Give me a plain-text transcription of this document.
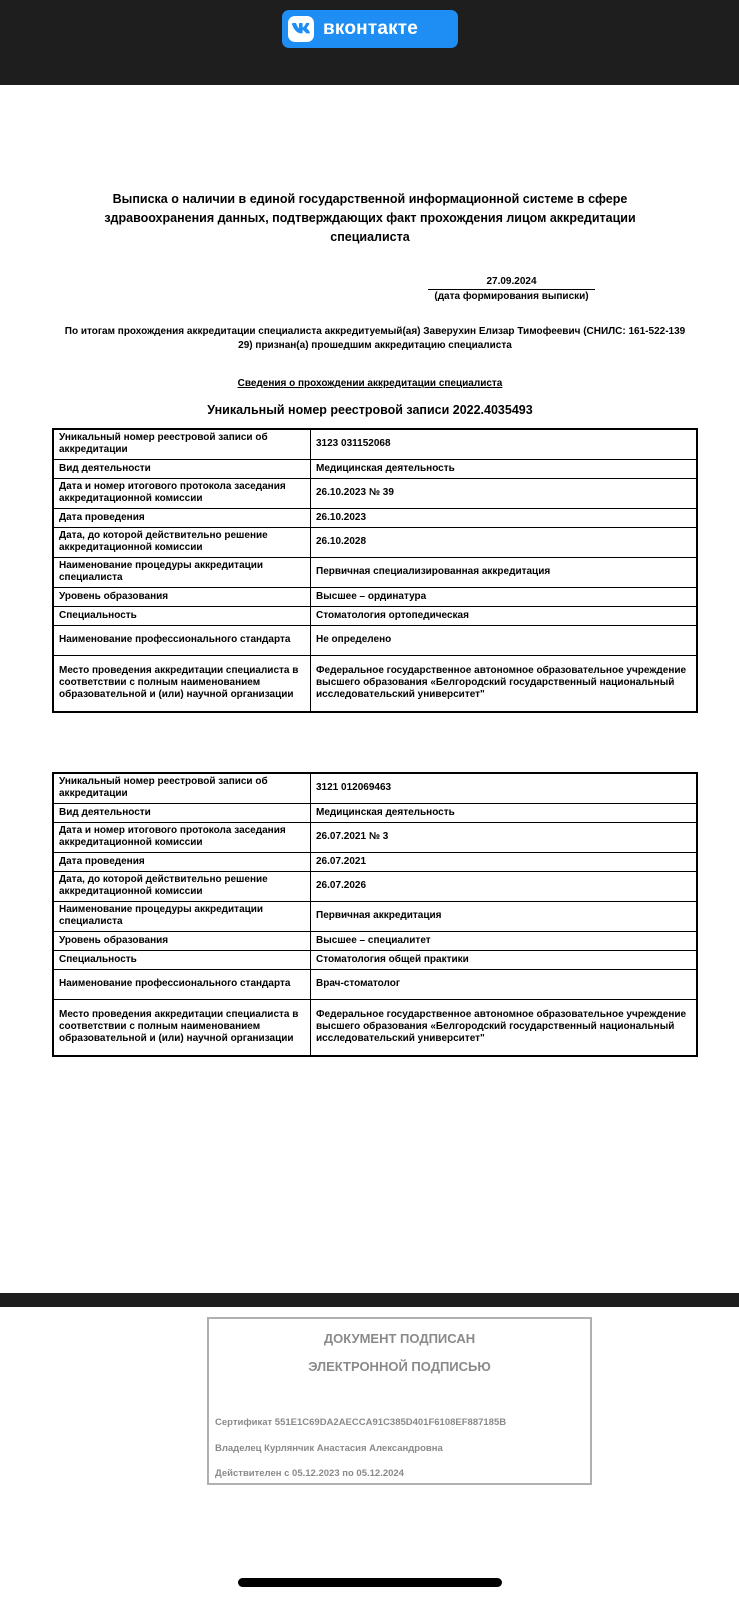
вконтакте
Выписка о наличии в единой государственной информационной системе в сфере здравоохранения данных, подтверждающих факт прохождения лицом аккредитации специалиста
27.09.2024
(дата формирования выписки)
По итогам прохождения аккредитации специалиста аккредитуемый(ая) Заверухин Елизар Тимофеевич (СНИЛС: 161-522-139 29) признан(а) прошедшим аккредитацию специалиста
Сведения о прохождении аккредитации специалиста
Уникальный номер реестровой записи 2022.4035493
Уникальный номер реестровой записи об аккредитации	3123 031152068
Вид деятельности	Медицинская деятельность
Дата и номер итогового протокола заседания аккредитационной комиссии	26.10.2023 № 39
Дата проведения	26.10.2023
Дата, до которой действительно решение аккредитационной комиссии	26.10.2028
Наименование процедуры аккредитации специалиста	Первичная специализированная аккредитация
Уровень образования	Высшее – ординатура
Специальность	Стоматология ортопедическая
Наименование профессионального стандарта	Не определено
Место проведения аккредитации специалиста в соответствии с полным наименованием образовательной и (или) научной организации	Федеральное государственное автономное образовательное учреждение высшего образования «Белгородский государственный национальный исследовательский университет"
Уникальный номер реестровой записи об аккредитации	3121 012069463
Вид деятельности	Медицинская деятельность
Дата и номер итогового протокола заседания аккредитационной комиссии	26.07.2021 № 3
Дата проведения	26.07.2021
Дата, до которой действительно решение аккредитационной комиссии	26.07.2026
Наименование процедуры аккредитации специалиста	Первичная аккредитация
Уровень образования	Высшее – специалитет
Специальность	Стоматология общей практики
Наименование профессионального стандарта	Врач-стоматолог
Место проведения аккредитации специалиста в соответствии с полным наименованием образовательной и (или) научной организации	Федеральное государственное автономное образовательное учреждение высшего образования «Белгородский государственный национальный исследовательский университет"
ДОКУМЕНТ ПОДПИСАН
ЭЛЕКТРОННОЙ ПОДПИСЬЮ
Сертификат 551E1C69DA2AECCA91C385D401F6108EF887185B
Владелец Курлянчик Анастасия Александровна
Действителен с 05.12.2023 по 05.12.2024
